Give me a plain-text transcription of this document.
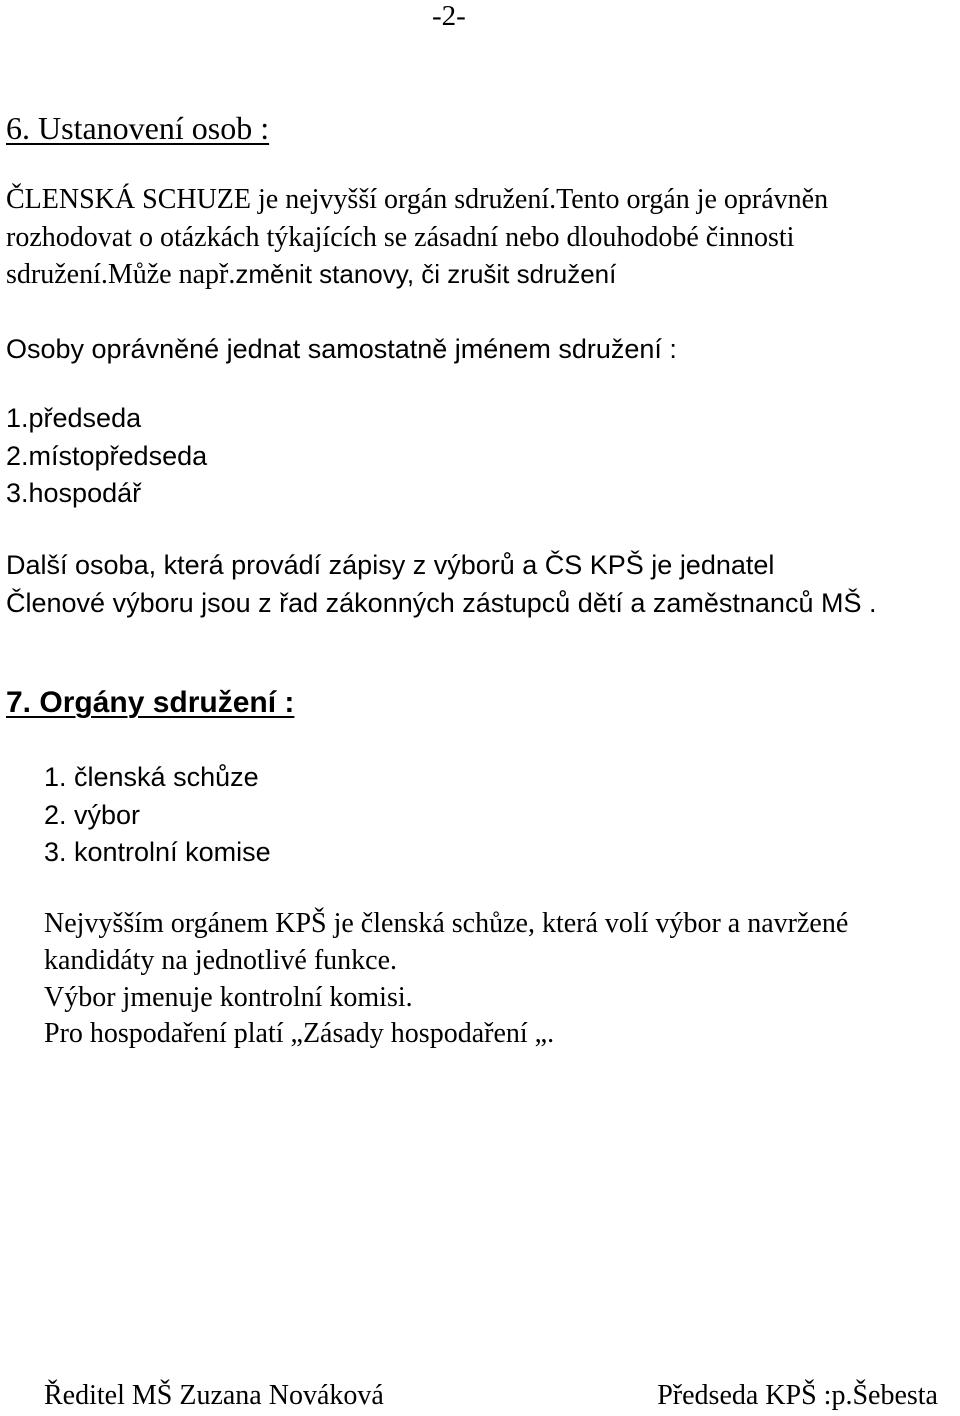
-2-
6. Ustanovení osob :
ČLENSKÁ SCHUZE je nejvyšší orgán sdružení.Tento orgán je oprávněn
rozhodovat o otázkách týkajících se zásadní nebo dlouhodobé činnosti
sdružení.Může např.změnit stanovy, či zrušit sdružení
Osoby oprávněné jednat samostatně jménem sdružení :
1.předseda
2.místopředseda
3.hospodář
Další osoba, která provádí zápisy z výborů a ČS KPŠ je jednatel
Členové výboru jsou z řad zákonných zástupců dětí a zaměstnanců MŠ .
7. Orgány sdružení :
1. členská schůze
2. výbor
3. kontrolní komise
Nejvyšším orgánem KPŠ je členská schůze, která volí výbor a navržené
kandidáty na jednotlivé funkce.
Výbor jmenuje kontrolní komisi.
Pro hospodaření platí „Zásady hospodaření „.
Ředitel MŠ Zuzana Nováková	Předseda KPŠ :p.Šebesta
